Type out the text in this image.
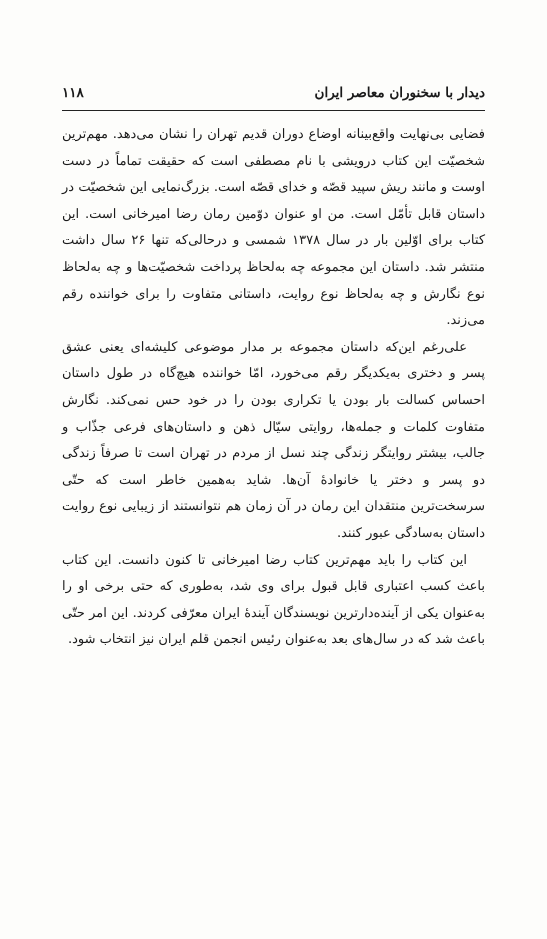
دیدار با سخنوران معاصر ایران
۱۱۸

فضایی بی‌نهایت واقع‌بینانه اوضاع دوران قدیم تهران را نشان می‌دهد. مهم‌ترین شخصیّت این کتاب درویشی با نام مصطفی است که حقیقت تماماً در دست اوست و مانند ریش سپید قصّه و خدای قصّه است. بزرگ‌نمایی این شخصیّت در داستان قابل تأمّل است. من او عنوان دوّمین رمان رضا امیرخانی است. این کتاب برای اوّلین بار در سال ۱۳۷۸ شمسی و درحالی‌که تنها ۲۶ سال داشت منتشر شد. داستان این مجموعه چه به‌لحاظ پرداخت شخصیّت‌ها و چه به‌لحاظ نوع نگارش و چه به‌لحاظ نوع روایت، داستانی متفاوت را برای خواننده رقم می‌زند.

علی‌رغم این‌که داستان مجموعه بر مدار موضوعی کلیشه‌ای یعنی عشق پسر و دختری به‌یکدیگر رقم می‌خورد، امّا خواننده هیچ‌گاه در طول داستان احساس کسالت بار بودن یا تکراری بودن را در خود حس نمی‌کند. نگارش متفاوت کلمات و جمله‌ها، روایتی سیّال ذهن و داستان‌های فرعی جذّاب و جالب، بیشتر روایتگر زندگی چند نسل از مردم در تهران است تا صرفاً زندگی دو پسر و دختر یا خانوادهٔ آن‌ها. شاید به‌همین خاطر است که حتّی سرسخت‌ترین منتقدان این رمان در آن زمان هم نتوانستند از زیبایی نوع روایت داستان به‌سادگی عبور کنند.

این کتاب را باید مهم‌ترین کتاب رضا امیرخانی تا کنون دانست. این کتاب باعث کسب اعتباری قابل قبول برای وی شد، به‌طوری که حتی برخی او را به‌عنوان یکی از آینده‌دارترین نویسندگان آیندهٔ ایران معرّفی کردند. این امر حتّی باعث شد که در سال‌های بعد به‌عنوان رئیس انجمن قلم ایران نیز انتخاب شود.
